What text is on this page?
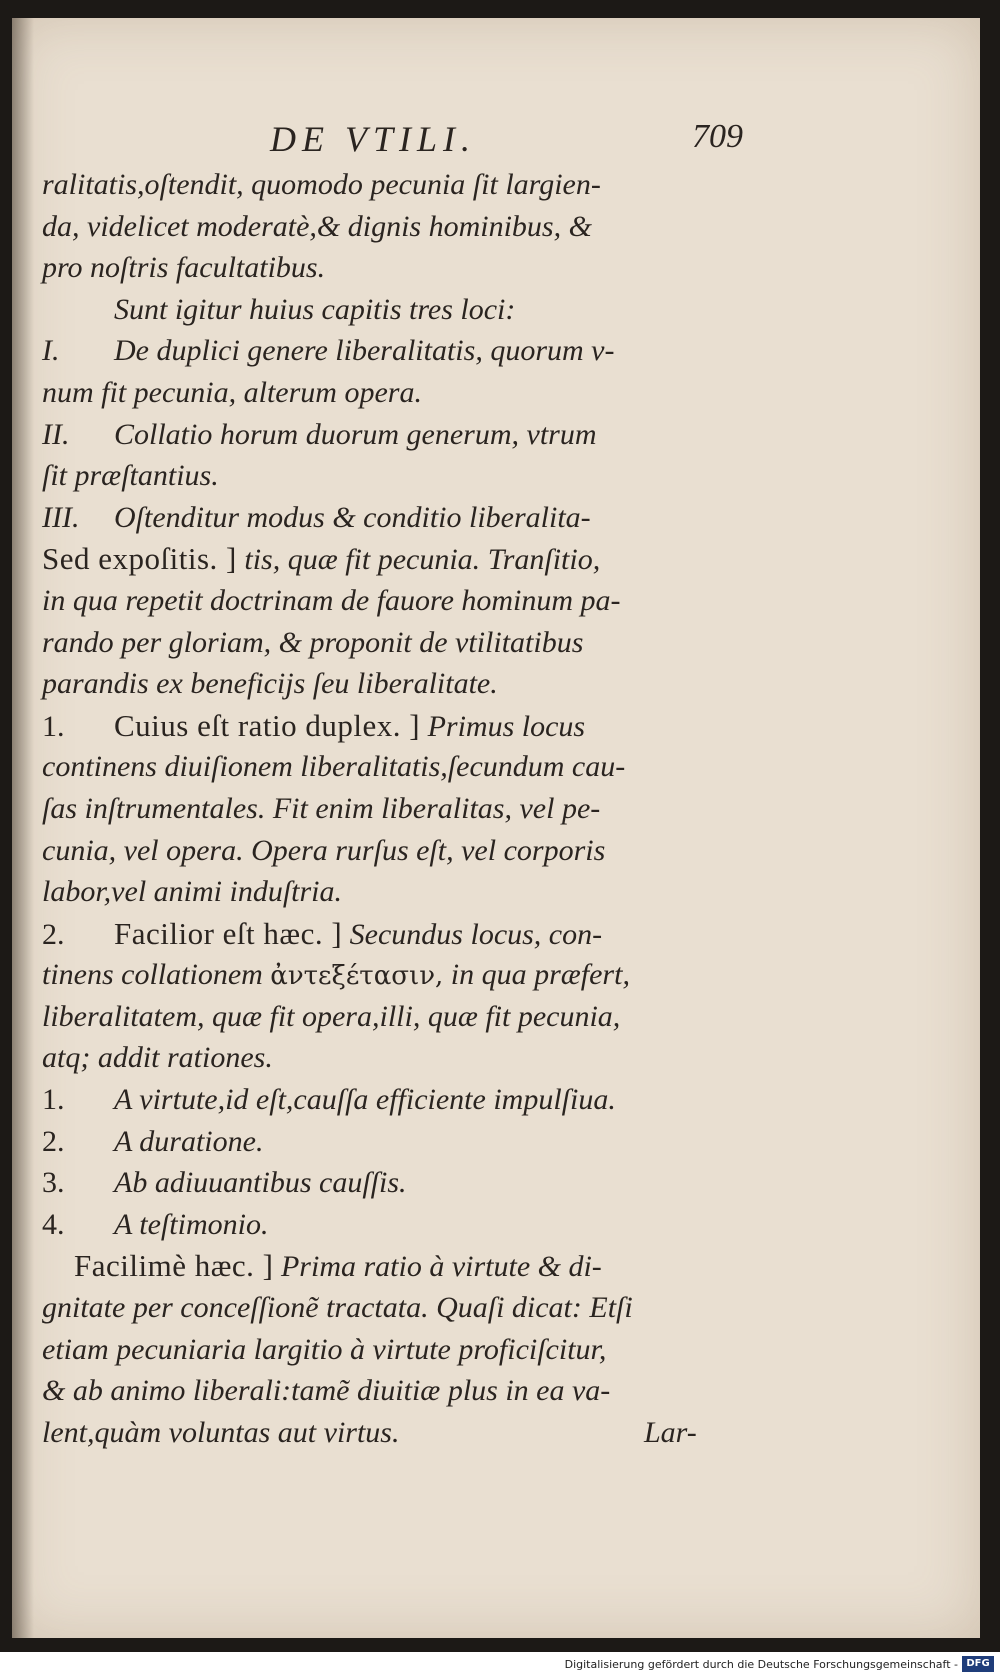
DE VTILI.	709
ralitatis,oſtendit, quomodo pecunia ſit largien-
da, videlicet moderatè,& dignis hominibus, &
pro noſtris facultatibus.
Sunt igitur huius capitis tres loci:
I. De duplici genere liberalitatis, quorum v-
num fit pecunia, alterum opera.
II. Collatio horum duorum generum, vtrum
ſit præſtantius.
III. Oſtenditur modus & conditio liberalita-
Sed expoſitis. ] tis, quæ fit pecunia. Tranſitio,
in qua repetit doctrinam de fauore hominum pa-
rando per gloriam, & proponit de vtilitatibus
parandis ex beneficijs ſeu liberalitate.
1. Cuius eſt ratio duplex. ] Primus locus
continens diuiſionem liberalitatis,ſecundum cau-
ſas inſtrumentales. Fit enim liberalitas, vel pe-
cunia, vel opera. Opera rurſus eſt, vel corporis
labor,vel animi induſtria.
2. Facilior eſt hæc. ] Secundus locus, con-
tinens collationem ἀντεξέτασιν, in qua præfert,
liberalitatem, quæ fit opera,illi, quæ fit pecunia,
atq; addit rationes.
1. A virtute,id eſt,cauſſa efficiente impulſiua.
2. A duratione.
3. Ab adiuuantibus cauſſis.
4. A teſtimonio.
Facilimè hæc. ] Prima ratio à virtute & di-
gnitate per conceſſionẽ tractata. Quaſi dicat: Etſi
etiam pecuniaria largitio à virtute proficiſcitur,
& ab animo liberali:tamẽ diuitiæ plus in ea va-
lent,quàm voluntas aut virtus.	Lar-
Digitalisierung gefördert durch die Deutsche Forschungsgemeinschaft - DFG
